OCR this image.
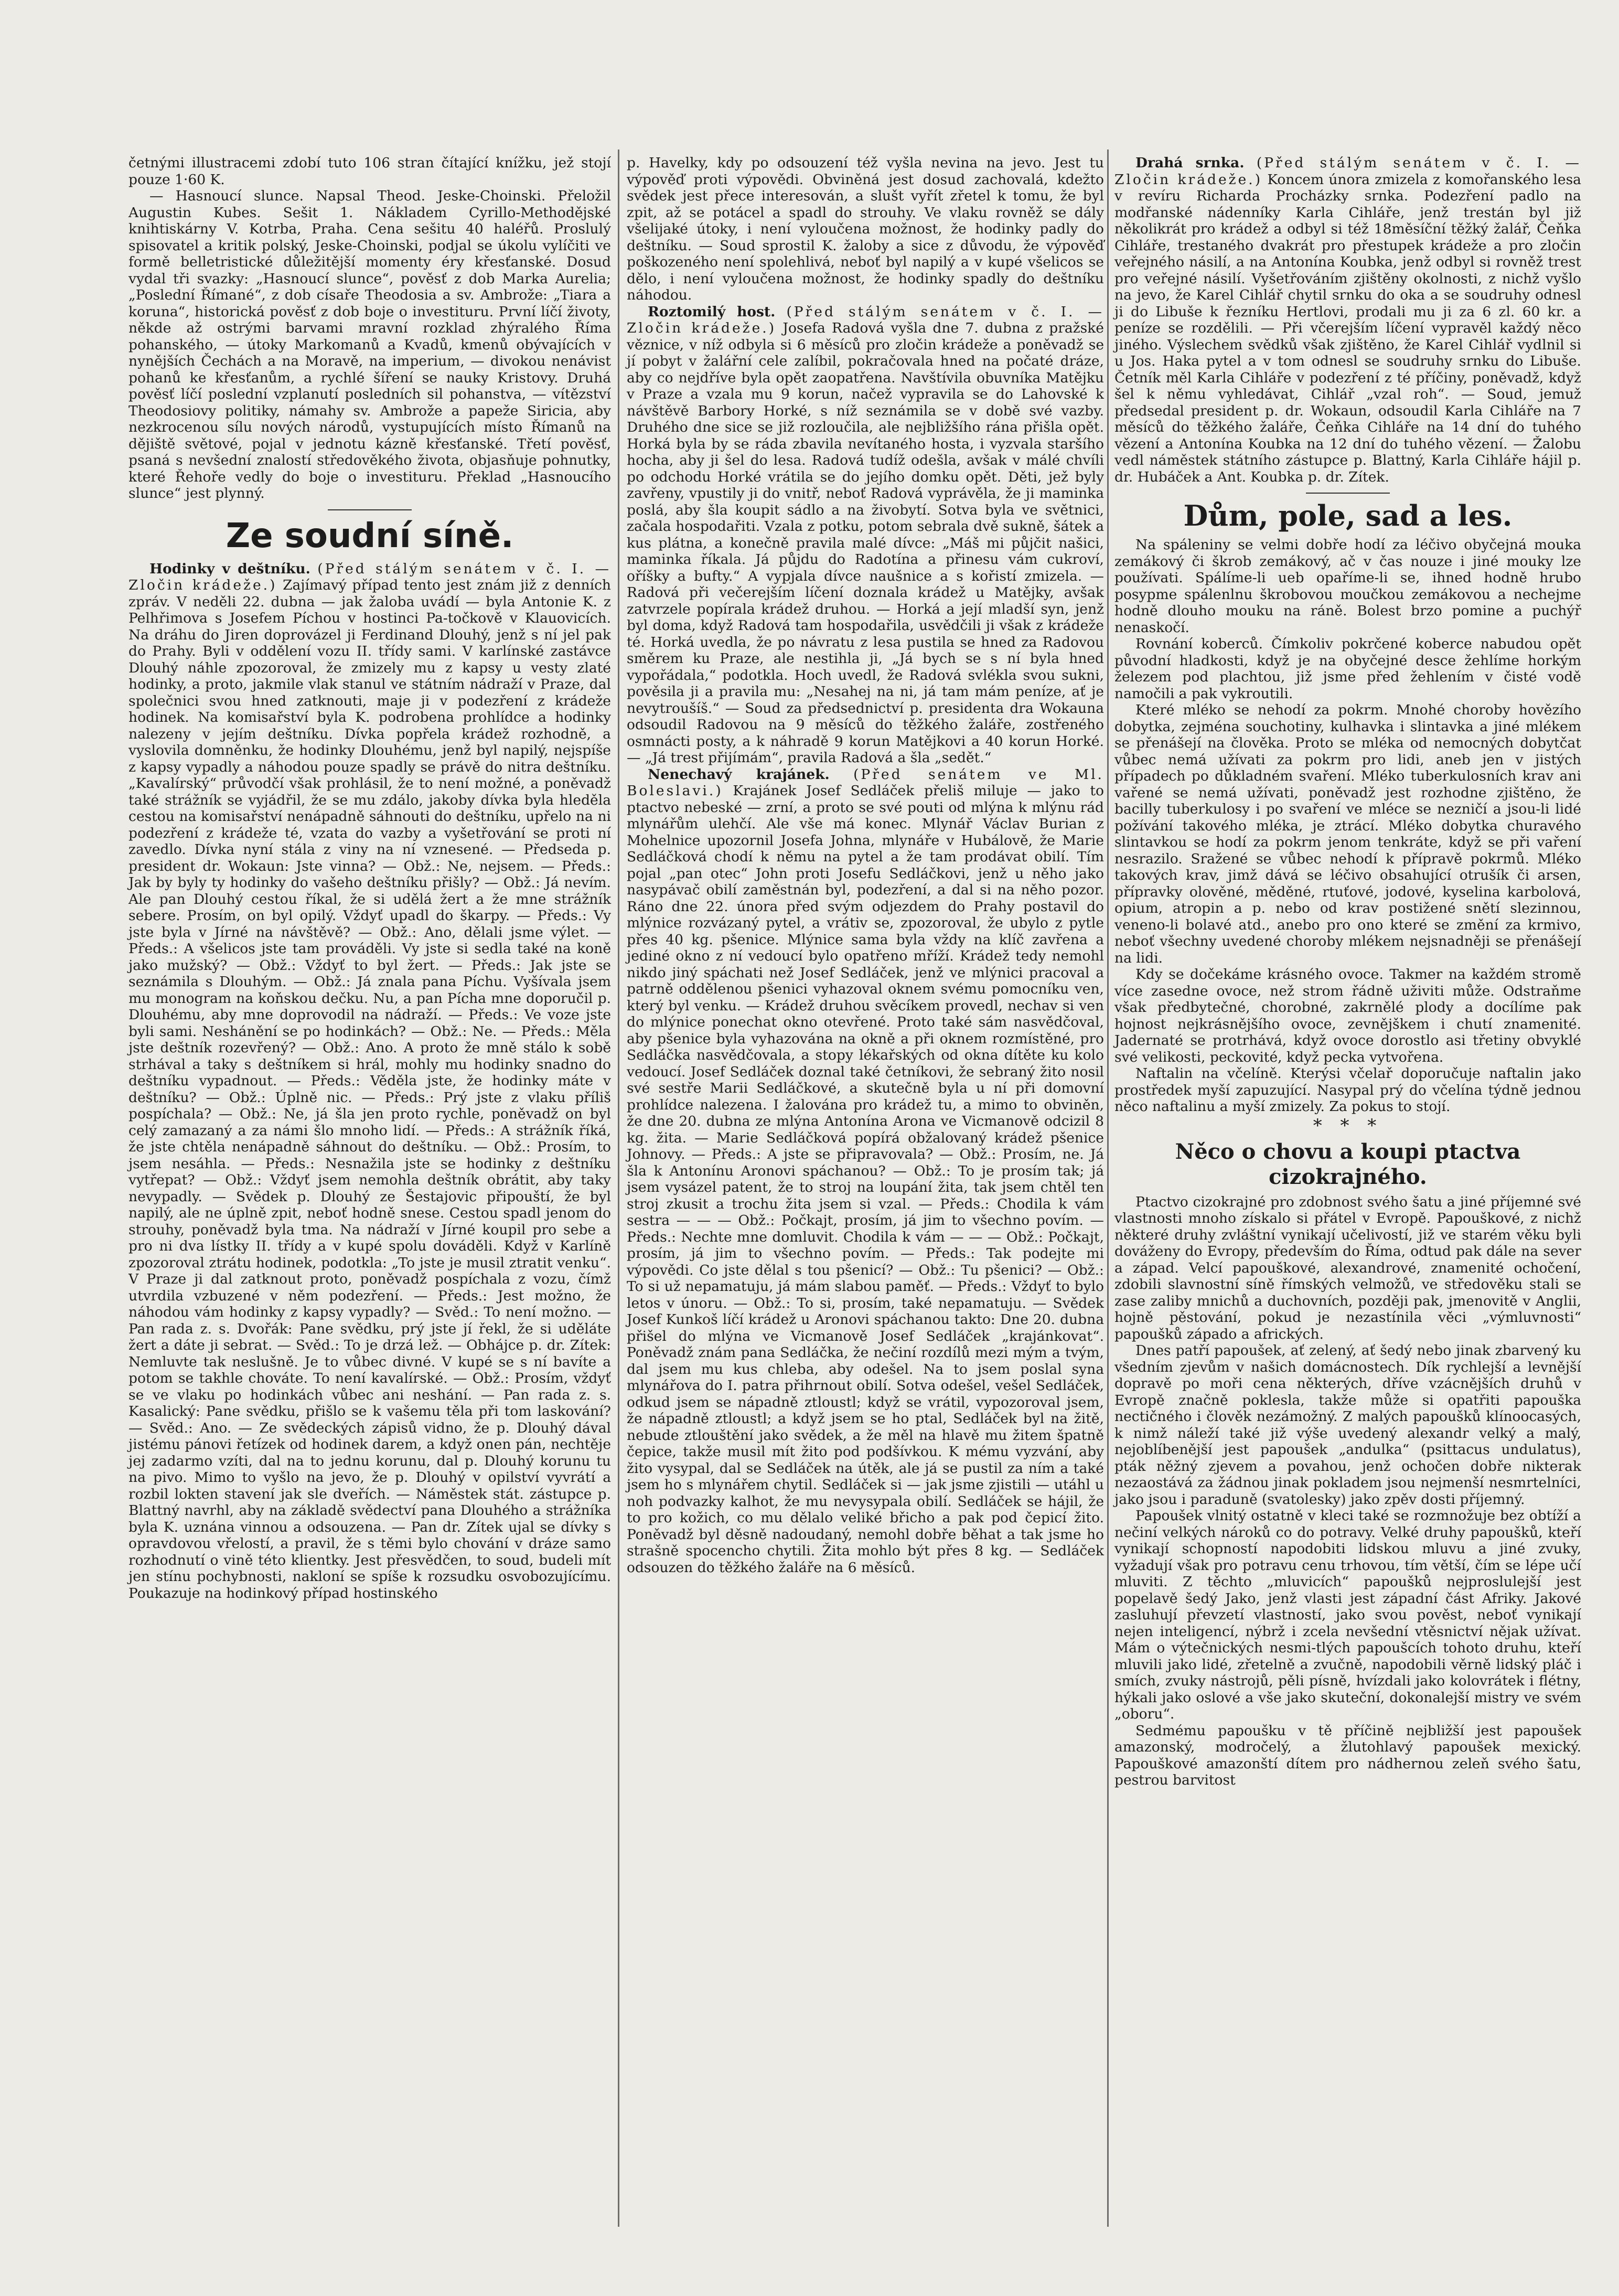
četnými illustracemi zdobí tuto 106 stran čítající knížku, jež stojí pouze 1·60 K.

— Hasnoucí slunce. Napsal Theod. Jeske-Choinski. Přeložil Augustin Kubes. Sešit 1. Nákladem Cyrillo-Methodějské knihtiskárny V. Kotrba, Praha. Cena sešitu 40 haléřů. Proslulý spisovatel a kritik polský, Jeske-Choinski, podjal se úkolu vylíčiti ve formě belletristické důležitější momenty éry křesťanské. Dosud vydal tři svazky: „Hasnoucí slunce“, pověsť z dob Marka Aurelia; „Poslední Římané“, z dob císaře Theodosia a sv. Ambrože: „Tiara a koruna“, historická pověsť z dob boje o investituru. První líčí životy, někde až ostrými barvami mravní rozklad zhýralého Říma pohanského, — útoky Markomanů a Kvadů, kmenů obývajících v nynějších Čechách a na Moravě, na imperium, — divokou nenávist pohanů ke křesťanům, a rychlé šíření se nauky Kristovy. Druhá pověsť líčí poslední vzplanutí posledních sil pohanstva, — vítězství Theodosiovy politiky, námahy sv. Ambrože a papeže Siricia, aby nezkrocenou sílu nových národů, vystupujících místo Římanů na dějiště světové, pojal v jednotu kázně křesťanské. Třetí pověsť, psaná s nevšední znalostí středověkého života, objasňuje pohnutky, které Řehoře vedly do boje o investituru. Překlad „Hasnoucího slunce“ jest plynný.

Ze soudní síně.

Hodinky v deštníku. (Před stálým senátem v č. I. — Zločin krádeže.) Zajímavý případ tento jest znám již z denních zpráv. V neděli 22. dubna — jak žaloba uvádí — byla Antonie K. z Pelhřimova s Josefem Píchou v hostinci Pa-točkově v Klauovicích. Na dráhu do Jiren doprovázel ji Ferdinand Dlouhý, jenž s ní jel pak do Prahy. Byli v oddělení vozu II. třídy sami. V karlínské zastávce Dlouhý náhle zpozoroval, že zmizely mu z kapsy u vesty zlaté hodinky, a proto, jakmile vlak stanul ve státním nádraží v Praze, dal společnici svou hned zatknouti, maje ji v podezření z krádeže hodinek. Na komisařství byla K. podrobena prohlídce a hodinky nalezeny v jejím deštníku. Dívka popřela krádež rozhodně, a vyslovila domněnku, že hodinky Dlouhému, jenž byl napilý, nejspíše z kapsy vypadly a náhodou pouze spadly se právě do nitra deštníku. „Kavalírský“ průvodčí však prohlásil, že to není možné, a poněvadž také strážník se vyjádřil, že se mu zdálo, jakoby dívka byla hleděla cestou na komisařství nenápadně sáhnouti do deštníku, upřelo na ni podezření z krádeže té, vzata do vazby a vyšetřování se proti ní zavedlo. Dívka nyní stála z viny na ní vznesené. — Předseda p. president dr. Wokaun: Jste vinna? — Obž.: Ne, nejsem. — Předs.: Jak by byly ty hodinky do vašeho deštníku přišly? — Obž.: Já nevím. Ale pan Dlouhý cestou říkal, že si udělá žert a že mne strážník sebere. Prosím, on byl opilý. Vždyť upadl do škarpy. — Předs.: Vy jste byla v Jírné na návštěvě? — Obž.: Ano, dělali jsme výlet. — Předs.: A všelicos jste tam prováděli. Vy jste si sedla také na koně jako mužský? — Obž.: Vždyť to byl žert. — Předs.: Jak jste se seznámila s Dlouhým. — Obž.: Já znala pana Píchu. Vyšívala jsem mu monogram na koňskou dečku. Nu, a pan Pícha mne doporučil p. Dlouhému, aby mne doprovodil na nádraží. — Předs.: Ve voze jste byli sami. Neshánění se po hodinkách? — Obž.: Ne. — Předs.: Měla jste deštník rozevřený? — Obž.: Ano. A proto že mně stálo k sobě strhával a taky s deštníkem si hrál, mohly mu hodinky snadno do deštníku vypadnout. — Předs.: Věděla jste, že hodinky máte v deštníku? — Obž.: Úplně nic. — Předs.: Prý jste z vlaku příliš pospíchala? — Obž.: Ne, já šla jen proto rychle, poněvadž on byl celý zamazaný a za námi šlo mnoho lidí. — Předs.: A strážník říká, že jste chtěla nenápadně sáhnout do deštníku. — Obž.: Prosím, to jsem nesáhla. — Předs.: Nesnažila jste se hodinky z deštníku vytřepat? — Obž.: Vždyť jsem nemohla deštník obrátit, aby taky nevypadly. — Svědek p. Dlouhý ze Šestajovic připouští, že byl napilý, ale ne úplně zpit, neboť hodně snese. Cestou spadl jenom do strouhy, poněvadž byla tma. Na nádraží v Jírné koupil pro sebe a pro ni dva lístky II. třídy a v kupé spolu dováděli. Když v Karlíně zpozoroval ztrátu hodinek, podotkla: „To jste je musil ztratit venku“. V Praze ji dal zatknout proto, poněvadž pospíchala z vozu, čímž utvrdila vzbuzené v něm podezření. — Předs.: Jest možno, že náhodou vám hodinky z kapsy vypadly? — Svěd.: To není možno. — Pan rada z. s. Dvořák: Pane svědku, prý jste jí řekl, že si uděláte žert a dáte ji sebrat. — Svěd.: To je drzá lež. — Obhájce p. dr. Zítek: Nemluvte tak neslušně. Je to vůbec divné. V kupé se s ní bavíte a potom se takhle chováte. To není kavalírské. — Obž.: Prosím, vždyť se ve vlaku po hodinkách vůbec ani neshání. — Pan rada z. s. Kasalický: Pane svědku, přišlo se k vašemu těla při tom laskování? — Svěd.: Ano. — Ze svědeckých zápisů vidno, že p. Dlouhý dával jistému pánovi řetízek od hodinek darem, a když onen pán, nechtěje jej zadarmo vzíti, dal na to jednu korunu, dal p. Dlouhý korunu tu na pivo. Mimo to vyšlo na jevo, že p. Dlouhý v opilství vyvrátí a rozbil lokten stavení jak sle dveřích. — Náměstek stát. zástupce p. Blattný navrhl, aby na základě svědectví pana Dlouhého a strážníka byla K. uznána vinnou a odsouzena. — Pan dr. Zítek ujal se dívky s opravdovou vřelostí, a pravil, že s těmi bylo chování v dráze samo rozhodnutí o vině této klientky. Jest přesvědčen, to soud, budeli mít jen stínu pochybnosti, nakloní se spíše k rozsudku osvobozujícímu. Poukazuje na hodinkový případ hostinského

p. Havelky, kdy po odsouzení též vyšla nevina na jevo. Jest tu výpověď proti výpovědi. Obviněná jest dosud zachovalá, kdežto svědek jest přece interesován, a slušt vyřít zřetel k tomu, že byl zpit, až se potácel a spadl do strouhy. Ve vlaku rovněž se dály všelijaké útoky, i není vyloučena možnost, že hodinky padly do deštníku. — Soud sprostil K. žaloby a sice z důvodu, že výpověď poškozeného není spolehlivá, neboť byl napilý a v kupé všelicos se dělo, i není vyloučena možnost, že hodinky spadly do deštníku náhodou.

Roztomilý host. (Před stálým senátem v č. I. — Zločin krádeže.) Josefa Radová vyšla dne 7. dubna z pražské věznice, v níž odbyla si 6 měsíců pro zločin krádeže a poněvadž se jí pobyt v žalářní cele zalíbil, pokračovala hned na počaté dráze, aby co nejdříve byla opět zaopatřena. Navštívila obuvníka Matějku v Praze a vzala mu 9 korun, načež vypravila se do Lahovské k návštěvě Barbory Horké, s níž seznámila se v době své vazby. Druhého dne sice se již rozloučila, ale nejbližšího rána přišla opět. Horká byla by se ráda zbavila nevítaného hosta, i vyzvala staršího hocha, aby ji šel do lesa. Radová tudíž odešla, avšak v málé chvíli po odchodu Horké vrátila se do jejího domku opět. Děti, jež byly zavřeny, vpustily ji do vnitř, neboť Radová vyprávěla, že ji maminka poslá, aby šla koupit sádlo a na živobytí. Sotva byla ve světnici, začala hospodařiti. Vzala z potku, potom sebrala dvě sukně, šátek a kus plátna, a konečně pravila malé dívce: „Máš mi půjčit našici, maminka říkala. Já půjdu do Radotína a přinesu vám cukroví, oříšky a bufty.“ A vypjala dívce naušnice a s kořistí zmizela. — Radová při večerejším líčení doznala krádež u Matějky, avšak zatvrzele popírala krádež druhou. — Horká a její mladší syn, jenž byl doma, když Radová tam hospodařila, usvědčili ji však z krádeže té. Horká uvedla, že po návratu z lesa pustila se hned za Radovou směrem ku Praze, ale nestihla ji, „Já bych se s ní byla hned vypořádala,“ podotkla. Hoch uvedl, že Radová svlékla svou sukni, pověsila ji a pravila mu: „Nesahej na ni, já tam mám peníze, ať je nevytroušíš.“ — Soud za předsednictví p. presidenta dra Wokauna odsoudil Radovou na 9 měsíců do těžkého žaláře, zostřeného osmnácti posty, a k náhradě 9 korun Matějkovi a 40 korun Horké. — „Já trest přijímám“, pravila Radová a šla „sedět.“

Nenechavý krajánek. (Před senátem ve Ml. Boleslavi.) Krajánek Josef Sedláček přeliš miluje — jako to ptactvo nebeské — zrní, a proto se své pouti od mlýna k mlýnu rád mlynářům ulehčí. Ale vše má konec. Mlynář Václav Burian z Mohelnice upozornil Josefa Johna, mlynáře v Hubálově, že Marie Sedláčková chodí k němu na pytel a že tam prodávat obilí. Tím pojal „pan otec“ John proti Josefu Sedláčkovi, jenž u něho jako nasypávač obilí zaměstnán byl, podezření, a dal si na něho pozor. Ráno dne 22. února před svým odjezdem do Prahy postavil do mlýnice rozvázaný pytel, a vrátiv se, zpozoroval, že ubylo z pytle přes 40 kg. pšenice. Mlýnice sama byla vždy na klíč zavřena a jediné okno z ní vedoucí bylo opatřeno mříží. Krádež tedy nemohl nikdo jiný spáchati než Josef Sedláček, jenž ve mlýnici pracoval a patrně oddělenou pšenici vyhazoval oknem svému pomocníku ven, který byl venku. — Krádež druhou svěcíkem provedl, nechav si ven do mlýnice ponechat okno otevřené. Proto také sám nasvědčoval, aby pšenice byla vyhazována na okně a při oknem rozmístěné, pro Sedláčka nasvědčovala, a stopy lékařských od okna dítěte ku kolo vedoucí. Josef Sedláček doznal také četníkovi, že sebraný žito nosil své sestře Marii Sedláčkové, a skutečně byla u ní při domovní prohlídce nalezena. I žalována pro krádež tu, a mimo to obviněn, že dne 20. dubna ze mlýna Antonína Arona ve Vicmanově odcizil 8 kg. žita. — Marie Sedláčková popírá obžalovaný krádež pšenice Johnovy. — Předs.: A jste se připravovala? — Obž.: Prosím, ne. Já šla k Antonínu Aronovi spáchanou? — Obž.: To je prosím tak; já jsem vysázel patent, že to stroj na loupání žita, tak jsem chtěl ten stroj zkusit a trochu žita jsem si vzal. — Předs.: Chodila k vám sestra — — — Obž.: Počkajt, prosím, já jim to všechno povím. — Předs.: Nechte mne domluvit. Chodila k vám — — — Obž.: Počkajt, prosím, já jim to všechno povím. — Předs.: Tak podejte mi výpovědi. Co jste dělal s tou pšenicí? — Obž.: Tu pšenici? — Obž.: To si už nepamatuju, já mám slabou paměť. — Předs.: Vždyť to bylo letos v únoru. — Obž.: To si, prosím, také nepamatuju. — Svědek Josef Kunkoš líčí krádež u Aronovi spáchanou takto: Dne 20. dubna přišel do mlýna ve Vicmanově Josef Sedláček „krajánkovat“. Poněvadž znám pana Sedláčka, že nečiní rozdílů mezi mým a tvým, dal jsem mu kus chleba, aby odešel. Na to jsem poslal syna mlynářova do I. patra přihrnout obilí. Sotva odešel, vešel Sedláček, odkud jsem se nápadně ztloustl; když se vrátil, vypozoroval jsem, že nápadně ztloustl; a když jsem se ho ptal, Sedláček byl na žitě, nebude ztlouštění jako svědek, a že měl na hlavě mu žitem špatně čepice, takže musil mít žito pod podšívkou. K mému vyzvání, aby žito vysypal, dal se Sedláček na útěk, ale já se pustil za ním a také jsem ho s mlynářem chytil. Sedláček si — jak jsme zjistili — utáhl u noh podvazky kalhot, že mu nevysypala obilí. Sedláček se hájil, že to pro kožich, co mu dělalo veliké břicho a pak pod čepicí žito. Poněvadž byl děsně nadoudaný, nemohl dobře běhat a tak jsme ho strašně spocencho chytili. Žita mohlo být přes 8 kg. — Sedláček odsouzen do těžkého žaláře na 6 měsíců.

Drahá srnka. (Před stálým senátem v č. I. — Zločin krádeže.) Koncem února zmizela z komořanského lesa v revíru Richarda Procházky srnka. Podezření padlo na modřanské nádenníky Karla Cihláře, jenž trestán byl již několikrát pro krádež a odbyl si též 18měsíční těžký žalář, Čeňka Cihláře, trestaného dvakrát pro přestupek krádeže a pro zločin veřejného násilí, a na Antonína Koubka, jenž odbyl si rovněž trest pro veřejné násilí. Vyšetřováním zjištěny okolnosti, z nichž vyšlo na jevo, že Karel Cihlář chytil srnku do oka a se soudruhy odnesl ji do Libuše k řezníku Hertlovi, prodali mu ji za 6 zl. 60 kr. a peníze se rozdělili. — Při včerejším líčení vypravěl každý něco jiného. Výslechem svědků však zjištěno, že Karel Cihlář vydlnil si u Jos. Haka pytel a v tom odnesl se soudruhy srnku do Libuše. Četník měl Karla Cihláře v podezření z té příčiny, poněvadž, když šel k němu vyhledávat, Cihlář „vzal roh“. — Soud, jemuž předsedal president p. dr. Wokaun, odsoudil Karla Cihláře na 7 měsíců do těžkého žaláře, Čeňka Cihláře na 14 dní do tuhého vězení a Antonína Koubka na 12 dní do tuhého vězení. — Žalobu vedl náměstek státního zástupce p. Blattný, Karla Cihláře hájil p. dr. Hubáček a Ant. Koubka p. dr. Zítek.

Dům, pole, sad a les.

Na spáleniny se velmi dobře hodí za léčivo obyčejná mouka zemákový či škrob zemákový, ač v čas nouze i jiné mouky lze používati. Spálíme-li ueb opaříme-li se, ihned hodně hrubo posypme spálenlnu škrobovou moučkou zemákovou a nechejme hodně dlouho mouku na ráně. Bolest brzo pomine a puchýř nenaskočí.

Rovnání koberců. Čímkoliv pokrčené koberce nabudou opět původní hladkosti, když je na obyčejné desce žehlíme horkým železem pod plachtou, již jsme před žehlením v čisté vodě namočili a pak vykroutili.

Které mléko se nehodí za pokrm. Mnohé choroby hovězího dobytka, zejména souchotiny, kulhavka i slintavka a jiné mlékem se přenášejí na člověka. Proto se mléka od nemocných dobytčat vůbec nemá užívati za pokrm pro lidi, aneb jen v jistých případech po důkladném svaření. Mléko tuberkulosních krav ani vařené se nemá užívati, poněvadž jest rozhodne zjištěno, že bacilly tuberkulosy i po svaření ve mléce se nezničí a jsou-li lidé požívání takového mléka, je ztrácí. Mléko dobytka churavého slintavkou se hodí za pokrm jenom tenkráte, když se při vaření nesrazilo. Sražené se vůbec nehodí k přípravě pokrmů. Mléko takových krav, jimž dává se léčivo obsahující otrušík či arsen, přípravky olověné, měděné, rtuťové, jodové, kyselina karbolová, opium, atropin a p. nebo od krav postižené snětí slezinnou, veneno-li bolavé atd., anebo pro ono které se změní za krmivo, neboť všechny uvedené choroby mlékem nejsnadněji se přenášejí na lidi.

Kdy se dočekáme krásného ovoce. Takmer na každém stromě více zasedne ovoce, než strom řádně uživiti může. Odstraňme však předbytečné, chorobné, zakrnělé plody a docílíme pak hojnost nejkrásnějšího ovoce, zevnějškem i chutí znamenité. Jadernaté se protrhává, když ovoce dorostlo asi třetiny obvyklé své velikosti, peckovité, když pecka vytvořena.

Naftalin na včelíně. Kterýsi včelař doporučuje naftalin jako prostředek myší zapuzující. Nasypal prý do včelína týdně jednou něco naftalinu a myší zmizely. Za pokus to stojí.

* * *
Něco o chovu a koupi ptactva cizokrajného.

Ptactvo cizokrajné pro zdobnost svého šatu a jiné příjemné své vlastnosti mnoho získalo si přátel v Evropě. Papouškové, z nichž některé druhy zvláštní vynikají učelivostí, již ve starém věku byli dováženy do Evropy, především do Říma, odtud pak dále na sever a západ. Velcí papouškové, alexandrové, znamenité ochočení, zdobili slavnostní síně římských velmožů, ve středověku stali se zase zaliby mnichů a duchovních, později pak, jmenovitě v Anglii, hojně pěstování, pokud je nezastínila věci „výmluvnosti“ papoušků západo a afrických.

Dnes patří papoušek, ať zelený, ať šedý nebo jinak zbarvený ku všedním zjevům v našich domácnostech. Dík rychlejší a levnější dopravě po moři cena některých, dříve vzácnějších druhů v Evropě značně poklesla, takže může si opatřiti papouška nectičného i člověk nezámožný. Z malých papoušků klínoocasých, k nimž náleží také již výše uvedený alexandr velký a malý, nejoblíbenější jest papoušek „andulka“ (psittacus undulatus), pták něžný zjevem a povahou, jenž ochočen dobře nikterak nezaostává za žádnou jinak pokladem jsou nejmenší nesmrtelníci, jako jsou i paraduně (svatolesky) jako zpěv dosti příjemný.

Papoušek vlnitý ostatně v kleci také se rozmnožuje bez obtíží a nečiní velkých nároků co do potravy. Velké druhy papoušků, kteří vynikají schopností napodobiti lidskou mluvu a jiné zvuky, vyžadují však pro potravu cenu trhovou, tím větší, čím se lépe učí mluviti. Z těchto „mluvicích“ papoušků nejproslulejší jest popelavě šedý Jako, jenž vlasti jest západní část Afriky. Jakové zasluhují převzetí vlastností, jako svou pověst, neboť vynikají nejen inteligencí, nýbrž i zcela nevšední vtěsnictví nějak užívat. Mám o výtečnických nesmi-tlých papoušcích tohoto druhu, kteří mluvili jako lidé, zřetelně a zvučně, napodobili věrně lidský pláč i smích, zvuky nástrojů, pěli písně, hvízdali jako kolovrátek i flétny, hýkali jako oslové a vše jako skuteční, dokonalejší mistry ve svém „oboru“.

Sedmému papoušku v tě příčině nejbližší jest papoušek amazonský, modročelý, a žlutohlavý papoušek mexický. Papouškové amazonští dítem pro nádhernou zeleň svého šatu, pestrou barvitost
